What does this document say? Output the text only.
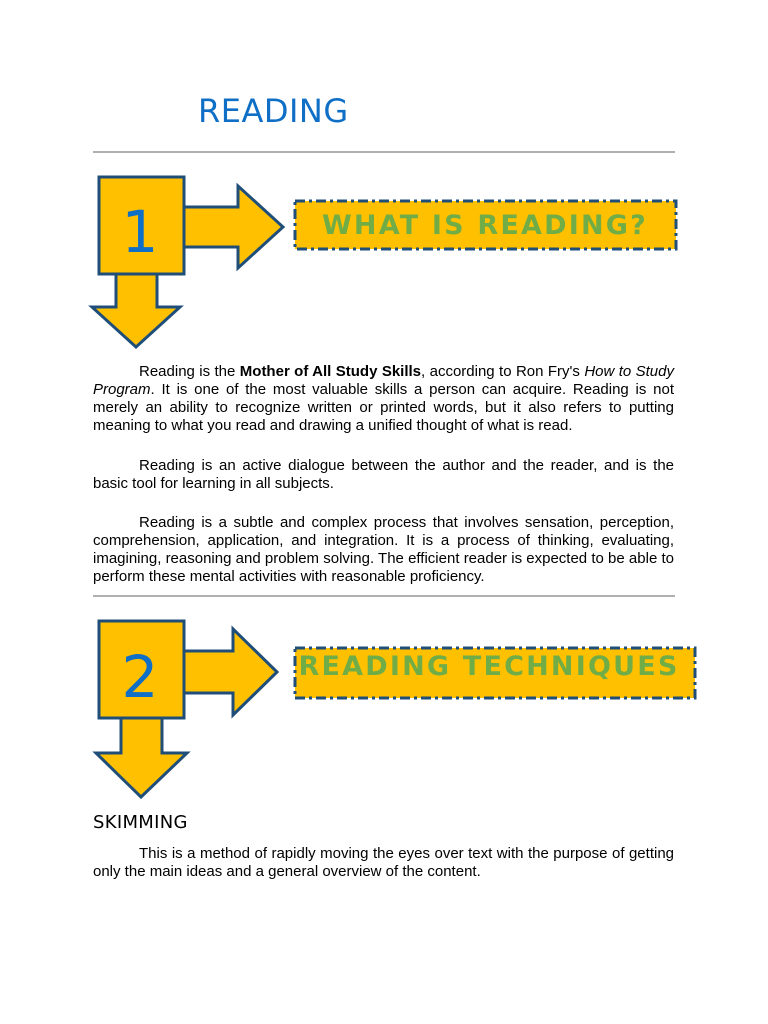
READING
1	WHAT IS READING?

Reading is the Mother of All Study Skills, according to Ron Fry's How to Study Program. It is one of the most valuable skills a person can acquire. Reading is not merely an ability to recognize written or printed words, but it also refers to putting meaning to what you read and drawing a unified thought of what is read.

Reading is an active dialogue between the author and the reader, and is the basic tool for learning in all subjects.

Reading is a subtle and complex process that involves sensation, perception, comprehension, application, and integration. It is a process of thinking, evaluating, imagining, reasoning and problem solving. The efficient reader is expected to be able to perform these mental activities with reasonable proficiency.

2	READING TECHNIQUES
SKIMMING

This is a method of rapidly moving the eyes over text with the purpose of getting only the main ideas and a general overview of the content.
